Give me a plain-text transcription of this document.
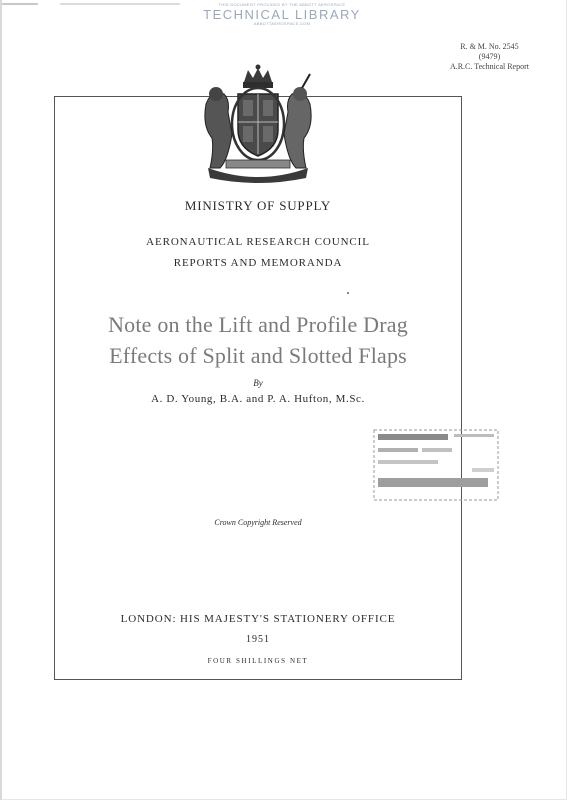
THIS DOCUMENT PROVIDED BY THE ABBOTT AEROSPACE
TECHNICAL LIBRARY
ABBOTTAEROSPACE.COM
R. & M. No. 2545
(9479)
A.R.C. Technical Report
MINISTRY OF SUPPLY
AERONAUTICAL RESEARCH COUNCIL
REPORTS AND MEMORANDA
Note on the Lift and Profile Drag
Effects of Split and Slotted Flaps
By
A. D. Young, B.A. and P. A. Hufton, M.Sc.
Crown Copyright Reserved
LONDON: HIS MAJESTY'S STATIONERY OFFICE
1951
FOUR SHILLINGS NET
